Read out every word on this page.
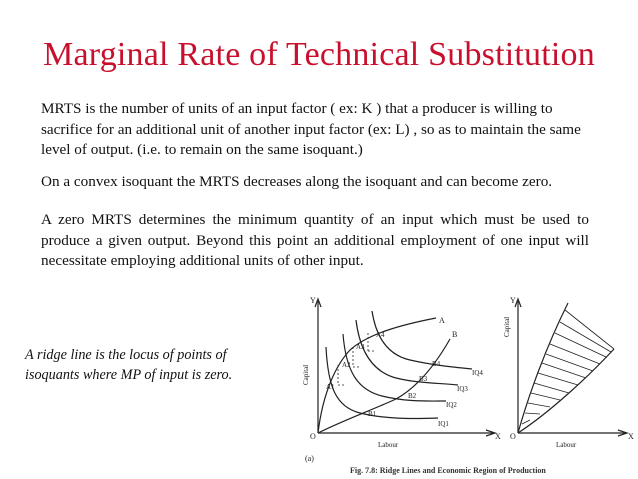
Marginal Rate of Technical Substitution
MRTS is the number of units of an input factor ( ex: K ) that a producer is willing to sacrifice for an additional unit of another input factor (ex: L) , so as to maintain the same level of output. (i.e. to remain on the same isoquant.)
On a convex isoquant the MRTS decreases along the isoquant and can become zero.
A zero MRTS determines the minimum quantity of an input which must be used to produce a given output. Beyond this point an additional employment of one input will necessitate employing additional units of other input.
A ridge line is the locus of points of isoquants where MP of input is zero.
Y
X
O
Labour
Capital
A
B
A1
A2
A3
A4
B1
B2
B3
B4
IQ1
IQ2
IQ3
IQ4
(a)
Y
X
O
Labour
Capital
Fig. 7.8: Ridge Lines and Economic Region of Production
